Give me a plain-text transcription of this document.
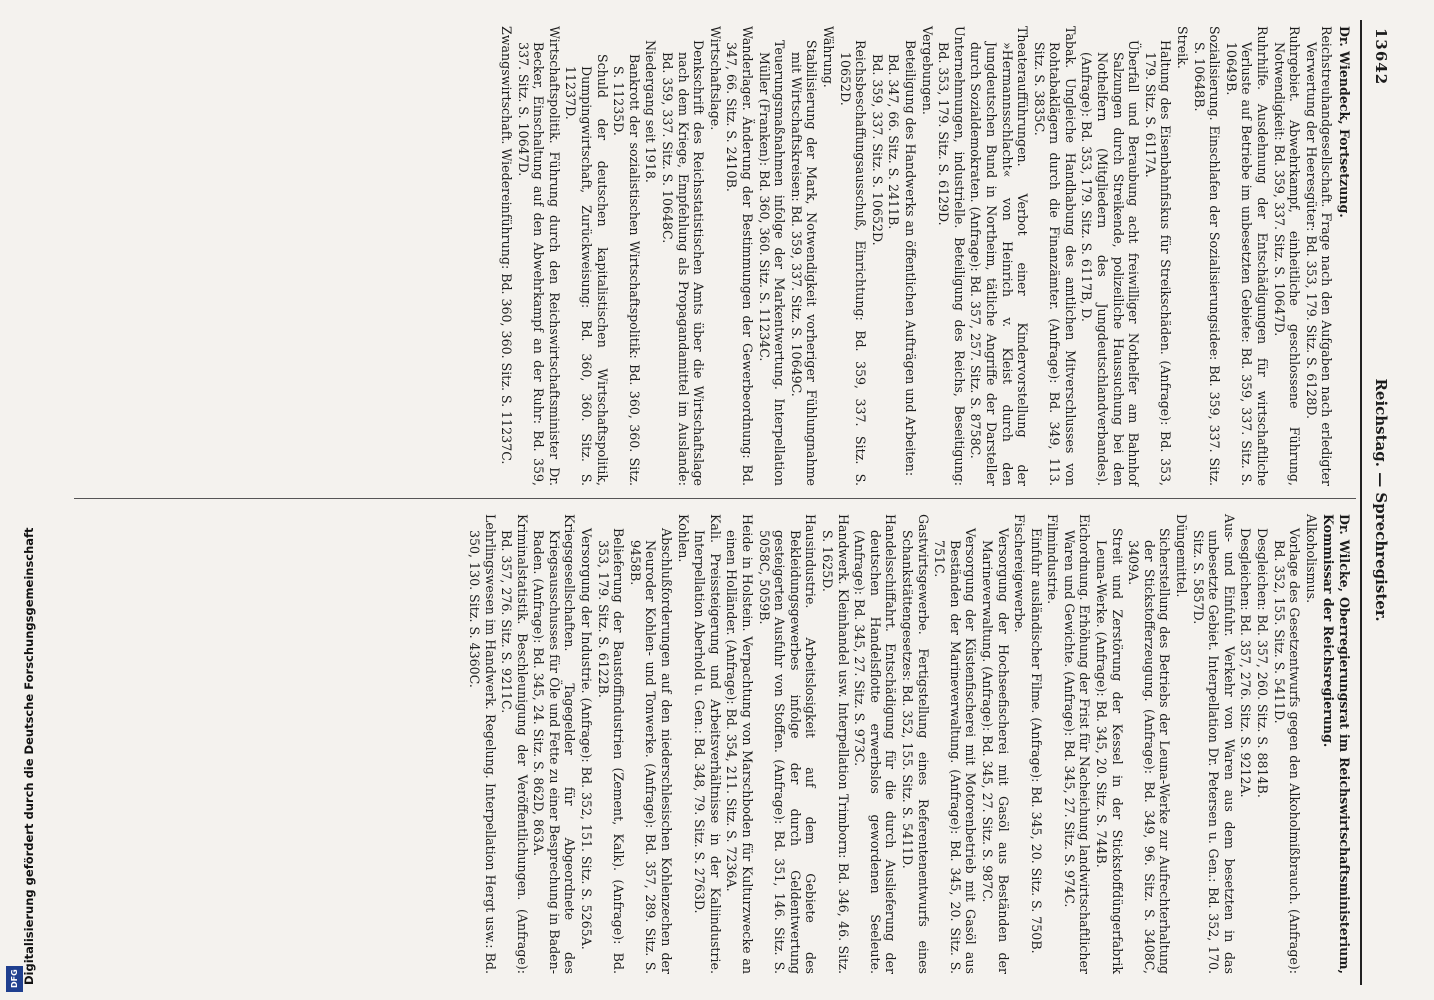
DFG Digitalisierung gefördert durch die Deutsche Forschungsgemeinschaft
Reichstag. — Sprechregister.
13642
Dr. Wiendeck, Fortsetzung.
Reichstreuhandgesellschaft. Frage nach den Aufgaben nach erledigter Verwertung der Heeresgüter: Bd. 353, 179. Sitz. S. 6128D.
Ruhrgebiet. Abwehrkampf, einheitliche geschlossene Führung, Notwendigkeit: Bd. 359, 337. Sitz. S. 10647D.
Ruhrhilfe. Ausdehnung der Entschädigungen für wirtschaftliche Verluste auf Betriebe im unbesetzten Gebiete: Bd. 359, 337. Sitz. S. 10649B.
Sozialisierung. Einschlafen der Sozialisierungsidee: Bd. 359, 337. Sitz. S. 10648B.
Streik.
Haltung des Eisenbahnfiskus für Streikschäden. (Anfrage): Bd. 353, 179. Sitz. S. 6117A.
Überfall und Beraubung acht freiwilliger Nothelfer am Bahnhof Salzungen durch Streikende, polizeiliche Haussuchung bei den Nothelfern (Mitgliedern des Jungdeutschlandverbandes). (Anfrage): Bd. 353, 179. Sitz. S. 6117B, D.
Tabak. Ungleiche Handhabung des amtlichen Mitverschlusses von Rohtabaklägern durch die Finanzämter. (Anfrage): Bd. 349, 113. Sitz. S. 3835C.
Theateraufführungen. Verbot einer Kindervorstellung der »Hermannsschlacht« von Heinrich v. Kleist durch den Jungdeutschen Bund in Northeim, tätliche Angriffe der Darsteller durch Sozialdemokraten. (Anfrage): Bd. 357, 257. Sitz. S. 8758C.
Unternehmungen, industrielle. Beteiligung des Reichs, Beseitigung: Bd. 353, 179. Sitz. S. 6129D.
Vergebungen.
Beteiligung des Handwerks an öffentlichen Aufträgen und Arbeiten:
Bd. 347, 66. Sitz. S. 2411B.
Bd. 359, 337. Sitz. S. 10652D.
Reichsbeschaffungsausschuß, Einrichtung: Bd. 359, 337. Sitz. S. 10652D.
Währung.
Stabilisierung der Mark, Notwendigkeit vorheriger Fühlungnahme mit Wirtschaftskreisen: Bd. 359, 337. Sitz. S. 10649C.
Teuerungsmaßnahmen infolge der Markentwertung. Interpellation Müller (Franken): Bd. 360, 360. Sitz. S. 11234C.
Wanderlager. Änderung der Bestimmungen der Gewerbeordnung: Bd. 347, 66. Sitz. S. 2410B.
Wirtschaftslage.
Denkschrift des Reichsstatistischen Amts über die Wirtschaftslage nach dem Kriege, Empfehlung als Propagandamittel im Auslande: Bd. 359, 337. Sitz. S. 10648C.
Niedergang seit 1918.
Bankrott der sozialistischen Wirtschaftspolitik: Bd. 360, 360. Sitz. S. 11235D.
Schuld der deutschen kapitalistischen Wirtschaftspolitik, Dumpingwirtschaft, Zurückweisung: Bd. 360, 360. Sitz. S. 11237D.
Wirtschaftspolitik. Führung durch den Reichswirtschaftsminister Dr. Becker, Einschaltung auf den Abwehrkampf an der Ruhr: Bd. 359, 337. Sitz. S. 10647D.
Zwangswirtschaft. Wiedereinführung: Bd. 360, 360. Sitz. S. 11237C.
Dr. Wilcke, Oberregierungsrat im Reichswirtschaftsministerium, Kommissar der Reichsregierung.
Alkoholismus.
Vorlage des Gesetzentwurfs gegen den Alkoholmißbrauch. (Anfrage): Bd. 352, 155. Sitz. S. 5411D.
Desgleichen: Bd. 357, 260. Sitz. S. 8814B.
Desgleichen: Bd. 357, 276. Sitz. S. 9212A.
Aus- und Einfuhr. Verkehr von Waren aus dem besetzten in das unbesetzte Gebiet. Interpellation Dr. Petersen u. Gen.: Bd. 352, 170. Sitz. S. 5857D.
Düngemittel.
Sicherstellung des Betriebs der Leuna-Werke zur Aufrechterhaltung der Stickstofferzeugung. (Anfrage): Bd. 349, 96. Sitz. S. 3408C, 3409A.
Streit und Zerstörung der Kessel in der Stickstoffdüngerfabrik Leuna-Werke. (Anfrage): Bd. 345, 20. Sitz. S. 744B.
Eichordnung. Erhöhung der Frist für Nacheichung landwirtschaftlicher Waren und Gewichte. (Anfrage): Bd. 345, 27. Sitz. S. 974C.
Filmindustrie.
Einfuhr ausländischer Filme. (Anfrage): Bd. 345, 20. Sitz. S. 750B.
Fischereigewerbe.
Versorgung der Hochseefischerei mit Gasöl aus Beständen der Marineverwaltung. (Anfrage): Bd. 345, 27. Sitz. S. 987C.
Versorgung der Küstenfischerei mit Motorenbetrieb mit Gasöl aus Beständen der Marineverwaltung. (Anfrage): Bd. 345, 20. Sitz. S. 751C.
Gastwirtsgewerbe. Fertigstellung eines Referentenentwurfs eines Schankstättengesetzes: Bd. 352, 155. Sitz. S. 5411D.
Handelsschiffahrt. Entschädigung für die durch Auslieferung der deutschen Handelsflotte erwerbslos gewordenen Seeleute. (Anfrage): Bd. 345, 27. Sitz. S. 973C.
Handwerk. Kleinhandel usw. Interpellation Trimborn: Bd. 346, 46. Sitz. S. 1625D.
Hausindustrie. Arbeitslosigkeit auf dem Gebiete des Bekleidungsgewerbes infolge der durch Geldentwertung gesteigerten Ausfuhr von Stoffen. (Anfrage): Bd. 351, 146. Sitz. S. 5058C, 5059B.
Heide in Holstein. Verpachtung von Marschboden für Kulturzwecke an einen Holländer. (Anfrage): Bd. 354, 211. Sitz. S. 7236A.
Kali. Preissteigerung und Arbeitsverhältnisse in der Kaliindustrie. Interpellation Aberhold u. Gen.: Bd. 348, 79. Sitz. S. 2763D.
Kohlen.
Abschlußforderungen auf den niederschlesischen Kohlenzechen der Neuroder Kohlen- und Tonwerke. (Anfrage): Bd. 357, 289. Sitz. S. 9458B.
Belieferung der Baustoffindustrien (Zement, Kalk). (Anfrage): Bd. 353, 179. Sitz. S. 6122B.
Versorgung der Industrie. (Anfrage): Bd. 352, 151. Sitz. S. 5265A.
Kriegsgesellschaften. Tagegelder für Abgeordnete des Kriegsausschusses für Öle und Fette zu einer Besprechung in Baden-Baden. (Anfrage): Bd. 345, 24. Sitz. S. 862D, 863A.
Kriminalstatistik. Beschleunigung der Veröffentlichungen. (Anfrage): Bd. 357, 276. Sitz. S. 9211C.
Lehrlingswesen im Handwerk. Regelung. Interpellation Hergt usw.: Bd. 350, 130. Sitz. S. 4360C.
